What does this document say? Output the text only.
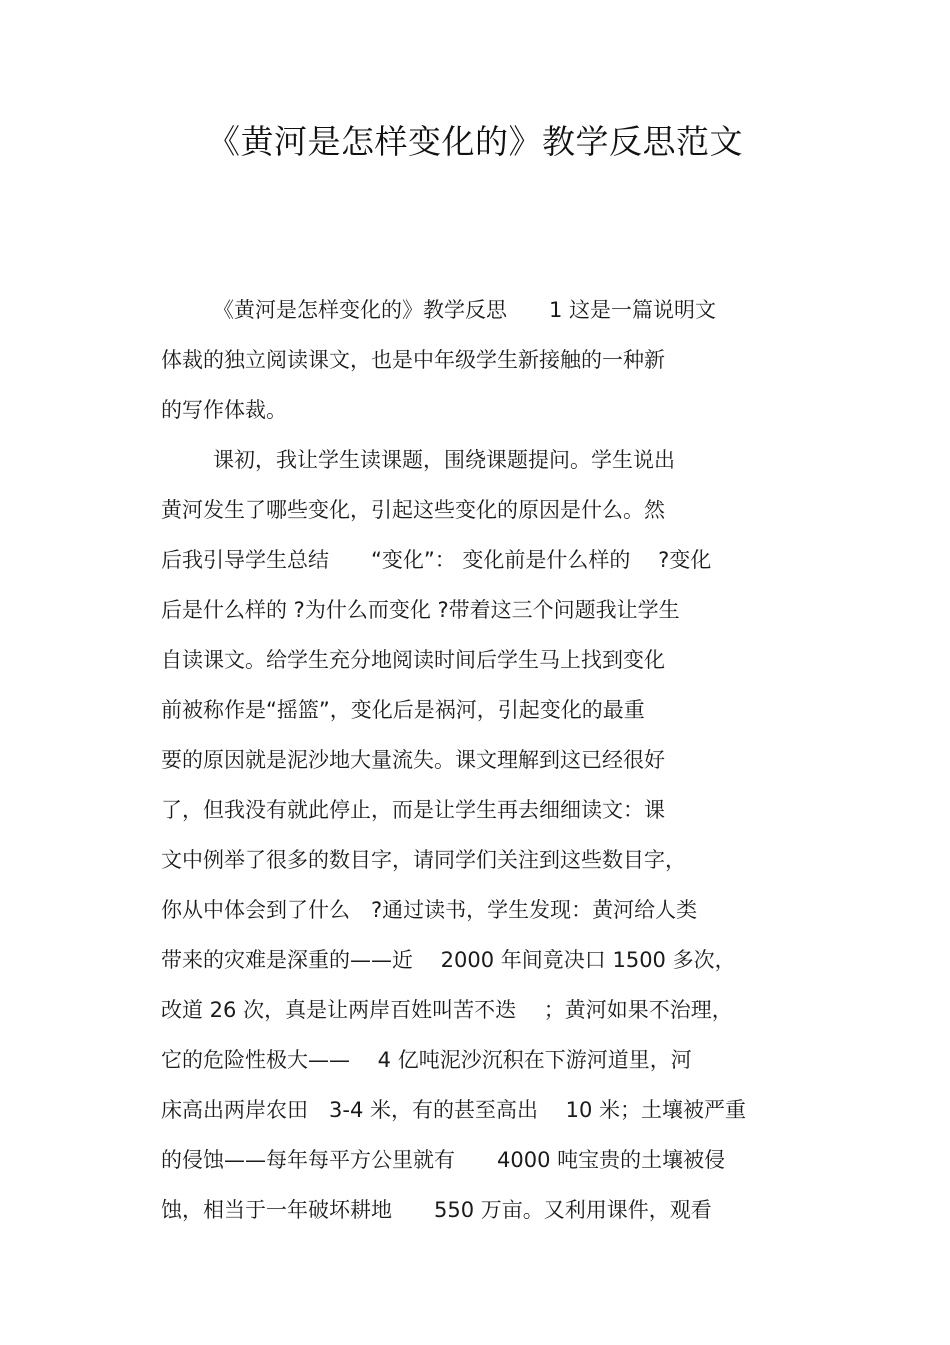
《黄河是怎样变化的》教学反思范文
《黄河是怎样变化的》教学反思　　1 这是一篇说明文
体裁的独立阅读课文，也是中年级学生新接触的一种新
的写作体裁。
课初，我让学生读课题，围绕课题提问。学生说出
黄河发生了哪些变化，引起这些变化的原因是什么。然
后我引导学生总结　　“变化”： 变化前是什么样的　 ?变化
后是什么样的 ?为什么而变化 ?带着这三个问题我让学生
自读课文。给学生充分地阅读时间后学生马上找到变化
前被称作是“摇篮”，变化后是祸河，引起变化的最重
要的原因就是泥沙地大量流失。课文理解到这已经很好
了，但我没有就此停止，而是让学生再去细细读文：课
文中例举了很多的数目字，请同学们关注到这些数目字，
你从中体会到了什么　?通过读书，学生发现：黄河给人类
带来的灾难是深重的——近　 2000 年间竟决口 1500 多次，
改道 26 次，真是让两岸百姓叫苦不迭　 ；黄河如果不治理，
它的危险性极大——　 4 亿吨泥沙沉积在下游河道里，河
床高出两岸农田　3-4 米，有的甚至高出　 10 米；土壤被严重
的侵蚀——每年每平方公里就有　　4000 吨宝贵的土壤被侵
蚀，相当于一年破坏耕地　　550 万亩。又利用课件，观看
